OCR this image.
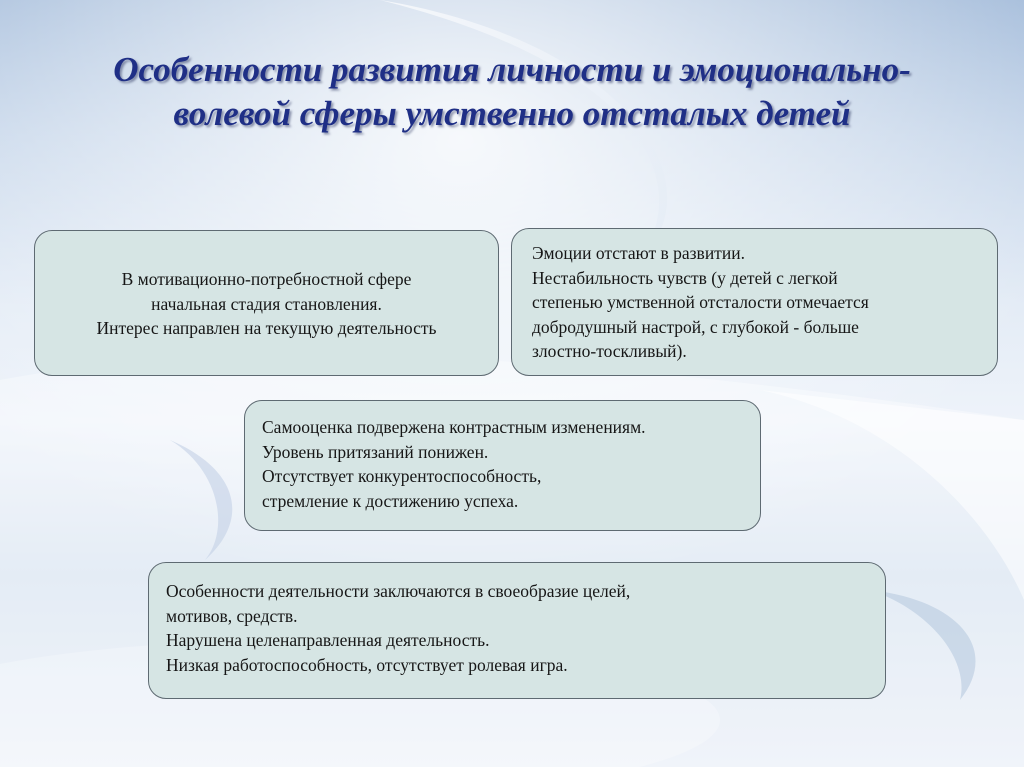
Особенности развития личности и эмоционально-
волевой сферы умственно отсталых детей
В мотивационно-потребностной сфере
начальная стадия становления.
Интерес направлен на текущую деятельность
Эмоции отстают в развитии.
Нестабильность чувств (у детей с легкой
степенью умственной отсталости отмечается
добродушный настрой, с глубокой - больше
злостно-тоскливый).
Самооценка подвержена контрастным изменениям.
Уровень притязаний понижен.
Отсутствует конкурентоспособность,
стремление к достижению успеха.
Особенности деятельности заключаются в своеобразие целей,
мотивов, средств.
Нарушена целенаправленная деятельность.
Низкая работоспособность, отсутствует ролевая игра.
